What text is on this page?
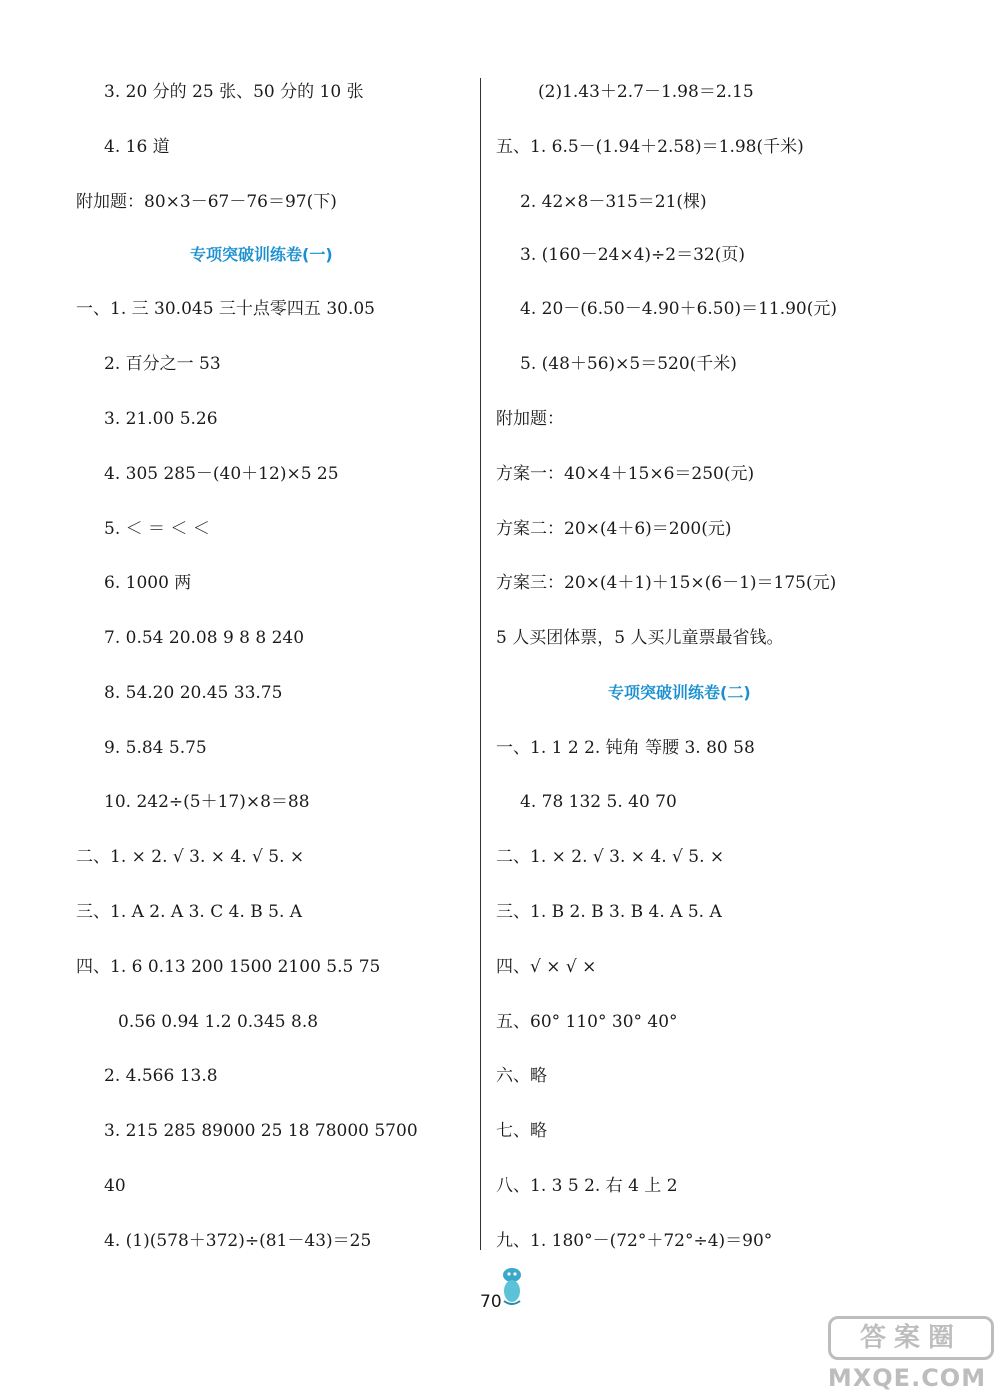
3. 20 分的 25 张、50 分的 10 张
4. 16 道
附加题：80×3－67－76＝97(下)
专项突破训练卷(一)
一、1. 三 30.045 三十点零四五 30.05
2. 百分之一 53
3. 21.00 5.26
4. 305 285－(40＋12)×5 25
5. ＜ ＝ ＜ ＜
6. 1000 两
7. 0.54 20.08 9 8 8 240
8. 54.20 20.45 33.75
9. 5.84 5.75
10. 242÷(5＋17)×8＝88
二、1. × 2. √ 3. × 4. √ 5. ×
三、1. A 2. A 3. C 4. B 5. A
四、1. 6 0.13 200 1500 2100 5.5 75
0.56 0.94 1.2 0.345 8.8
2. 4.566 13.8
3. 215 285 89000 25 18 78000 5700
40
4. (1)(578＋372)÷(81－43)＝25
(2)1.43＋2.7－1.98＝2.15
五、1. 6.5－(1.94＋2.58)＝1.98(千米)
2. 42×8－315＝21(棵)
3. (160－24×4)÷2＝32(页)
4. 20－(6.50－4.90＋6.50)＝11.90(元)
5. (48＋56)×5＝520(千米)
附加题：
方案一：40×4＋15×6＝250(元)
方案二：20×(4＋6)＝200(元)
方案三：20×(4＋1)＋15×(6－1)＝175(元)
5 人买团体票，5 人买儿童票最省钱。
专项突破训练卷(二)
一、1. 1 2 2. 钝角 等腰 3. 80 58
4. 78 132 5. 40 70
二、1. × 2. √ 3. × 4. √ 5. ×
三、1. B 2. B 3. B 4. A 5. A
四、√ × √ ×
五、60° 110° 30° 40°
六、略
七、略
八、1. 3 5 2. 右 4 上 2
九、1. 180°－(72°＋72°÷4)＝90°
70
答案圈
MXQE.COM
